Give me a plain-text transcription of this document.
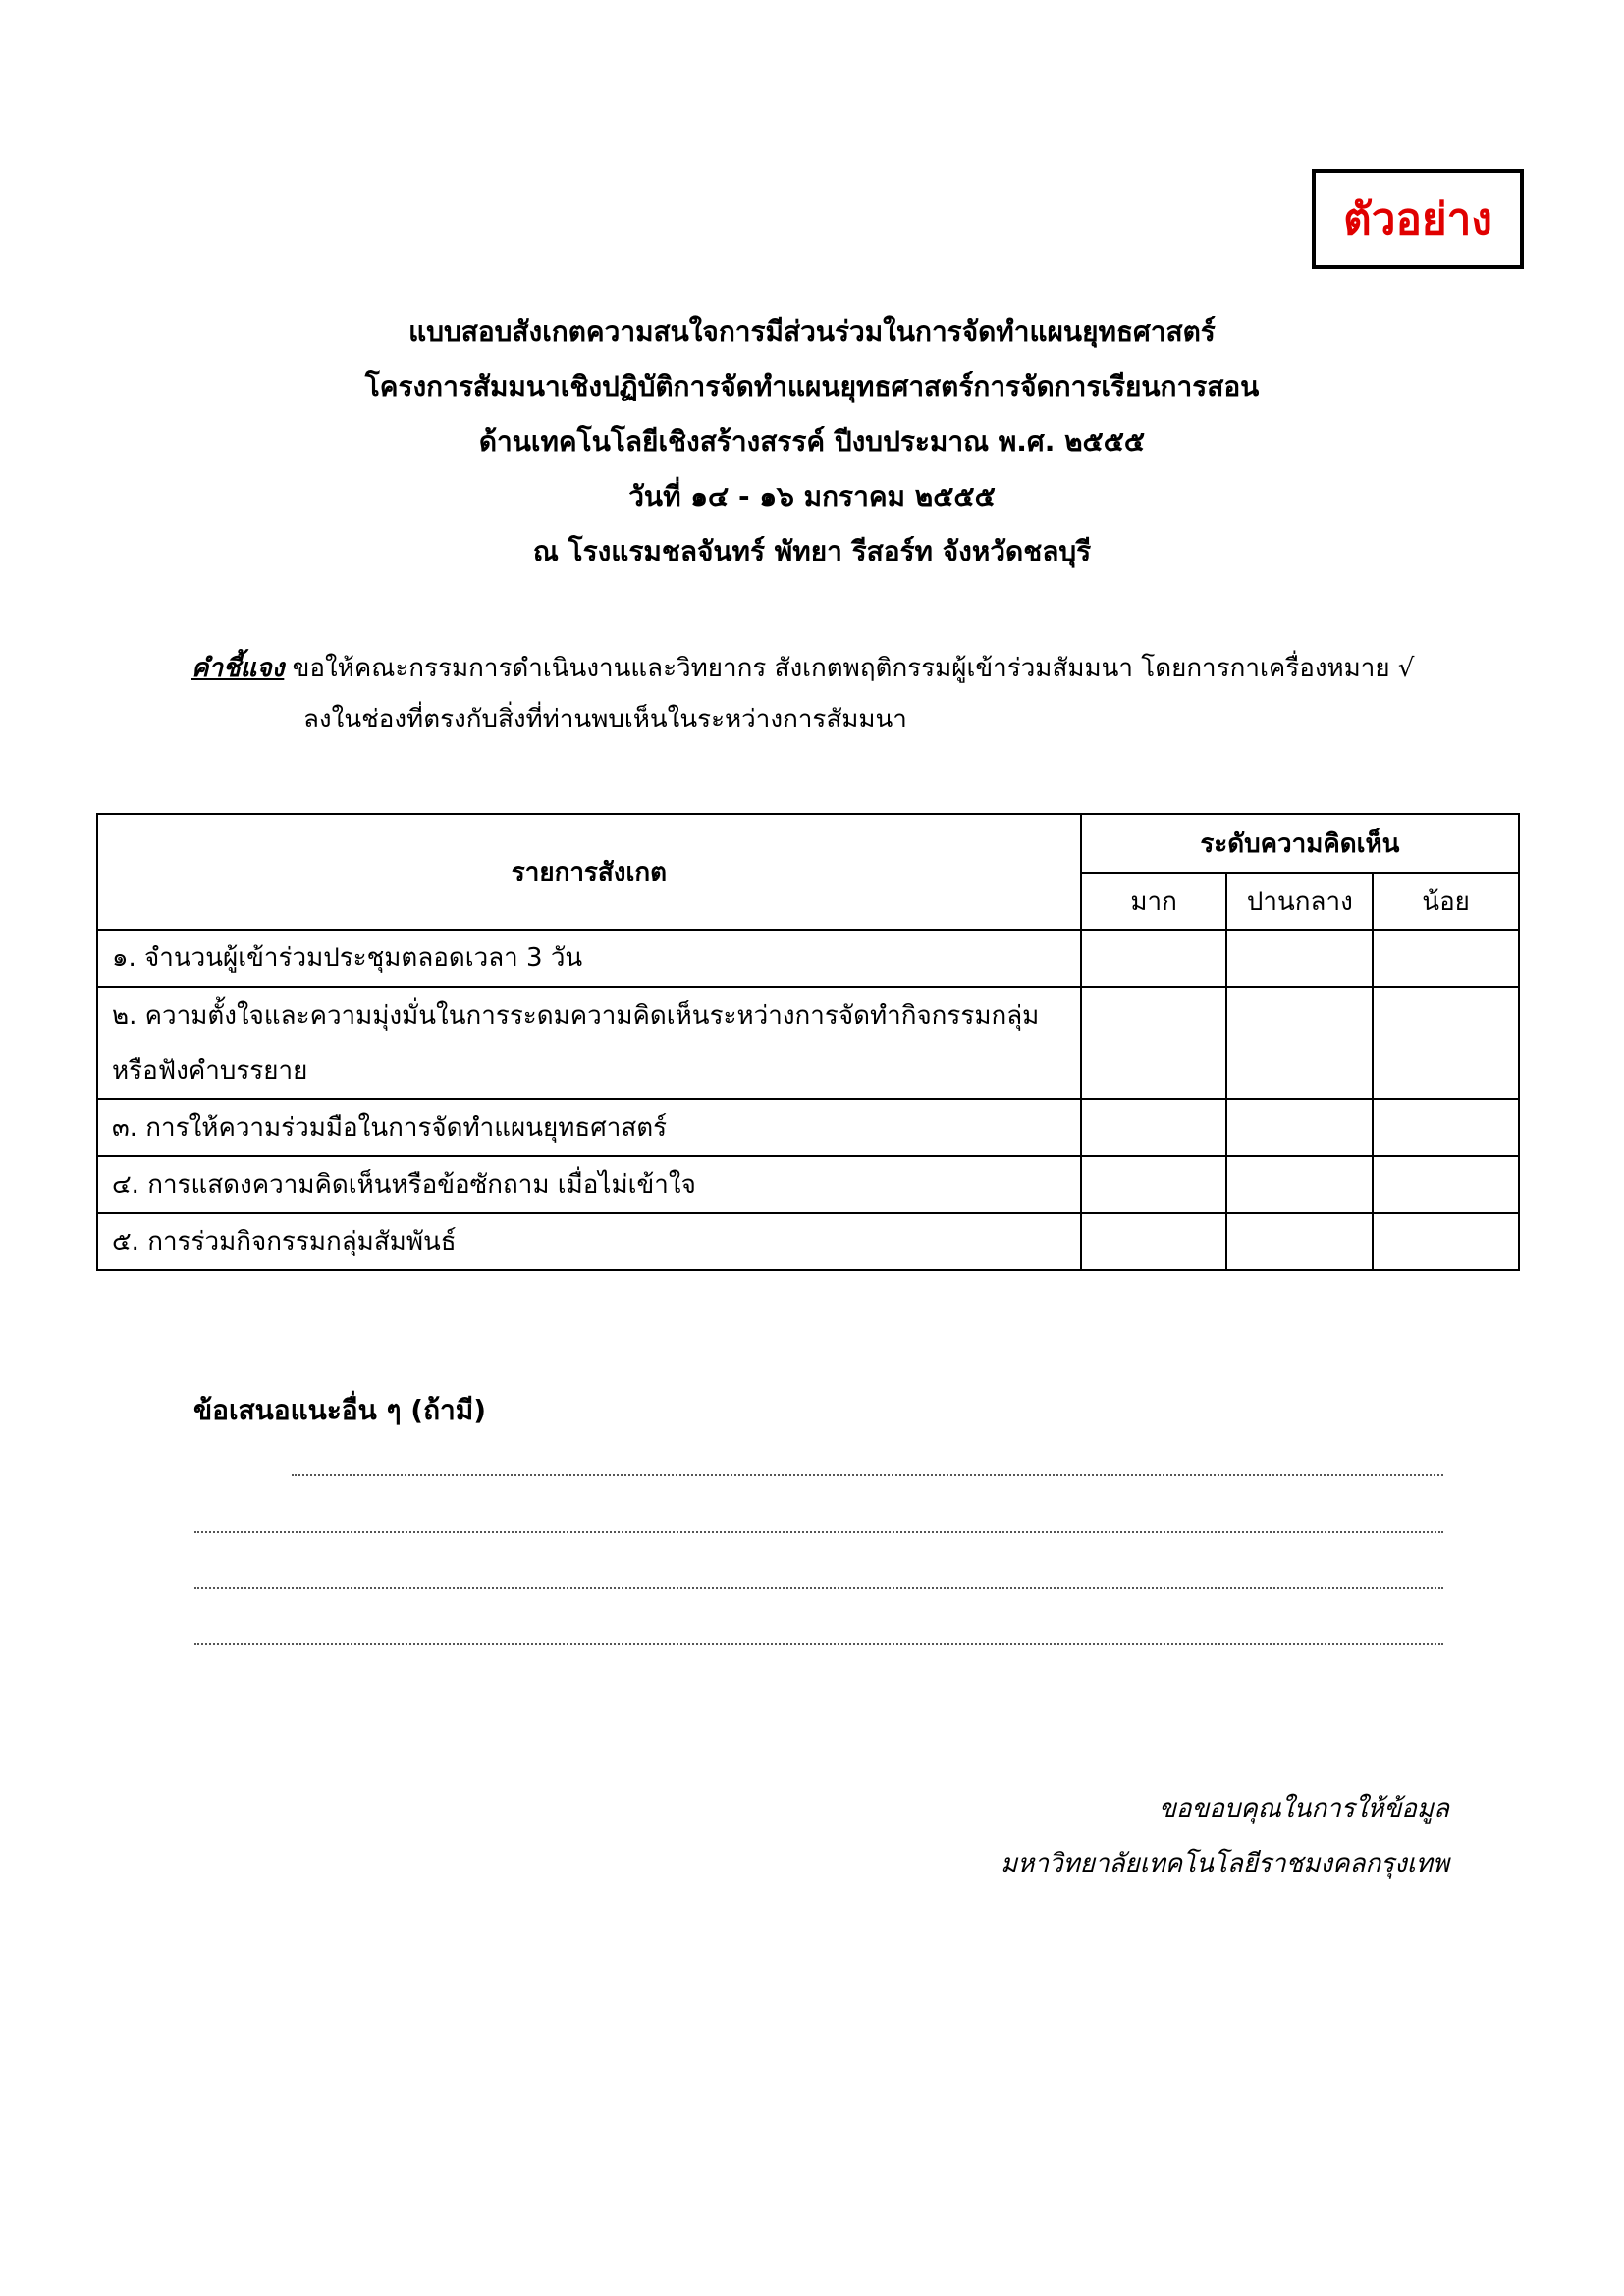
ตัวอย่าง
แบบสอบสังเกตความสนใจการมีส่วนร่วมในการจัดทำแผนยุทธศาสตร์
โครงการสัมมนาเชิงปฏิบัติการจัดทำแผนยุทธศาสตร์การจัดการเรียนการสอน
ด้านเทคโนโลยีเชิงสร้างสรรค์ ปีงบประมาณ พ.ศ. ๒๕๕๕
วันที่ ๑๔ - ๑๖ มกราคม ๒๕๕๕
ณ โรงแรมชลจันทร์ พัทยา รีสอร์ท จังหวัดชลบุรี
คำชี้แจง ขอให้คณะกรรมการดำเนินงานและวิทยากร สังเกตพฤติกรรมผู้เข้าร่วมสัมมนา โดยการกาเครื่องหมาย √
ลงในช่องที่ตรงกับสิ่งที่ท่านพบเห็นในระหว่างการสัมมนา
รายการสังเกต	ระดับความคิดเห็น		
	มาก	ปานกลาง	น้อย
๑. จำนวนผู้เข้าร่วมประชุมตลอดเวลา 3 วัน			
๒. ความตั้งใจและความมุ่งมั่นในการระดมความคิดเห็นระหว่างการจัดทำกิจกรรมกลุ่มหรือฟังคำบรรยาย			
๓. การให้ความร่วมมือในการจัดทำแผนยุทธศาสตร์			
๔. การแสดงความคิดเห็นหรือข้อซักถาม เมื่อไม่เข้าใจ			
๕. การร่วมกิจกรรมกลุ่มสัมพันธ์			
ข้อเสนอแนะอื่น ๆ (ถ้ามี)
ขอขอบคุณในการให้ข้อมูล
มหาวิทยาลัยเทคโนโลยีราชมงคลกรุงเทพ
